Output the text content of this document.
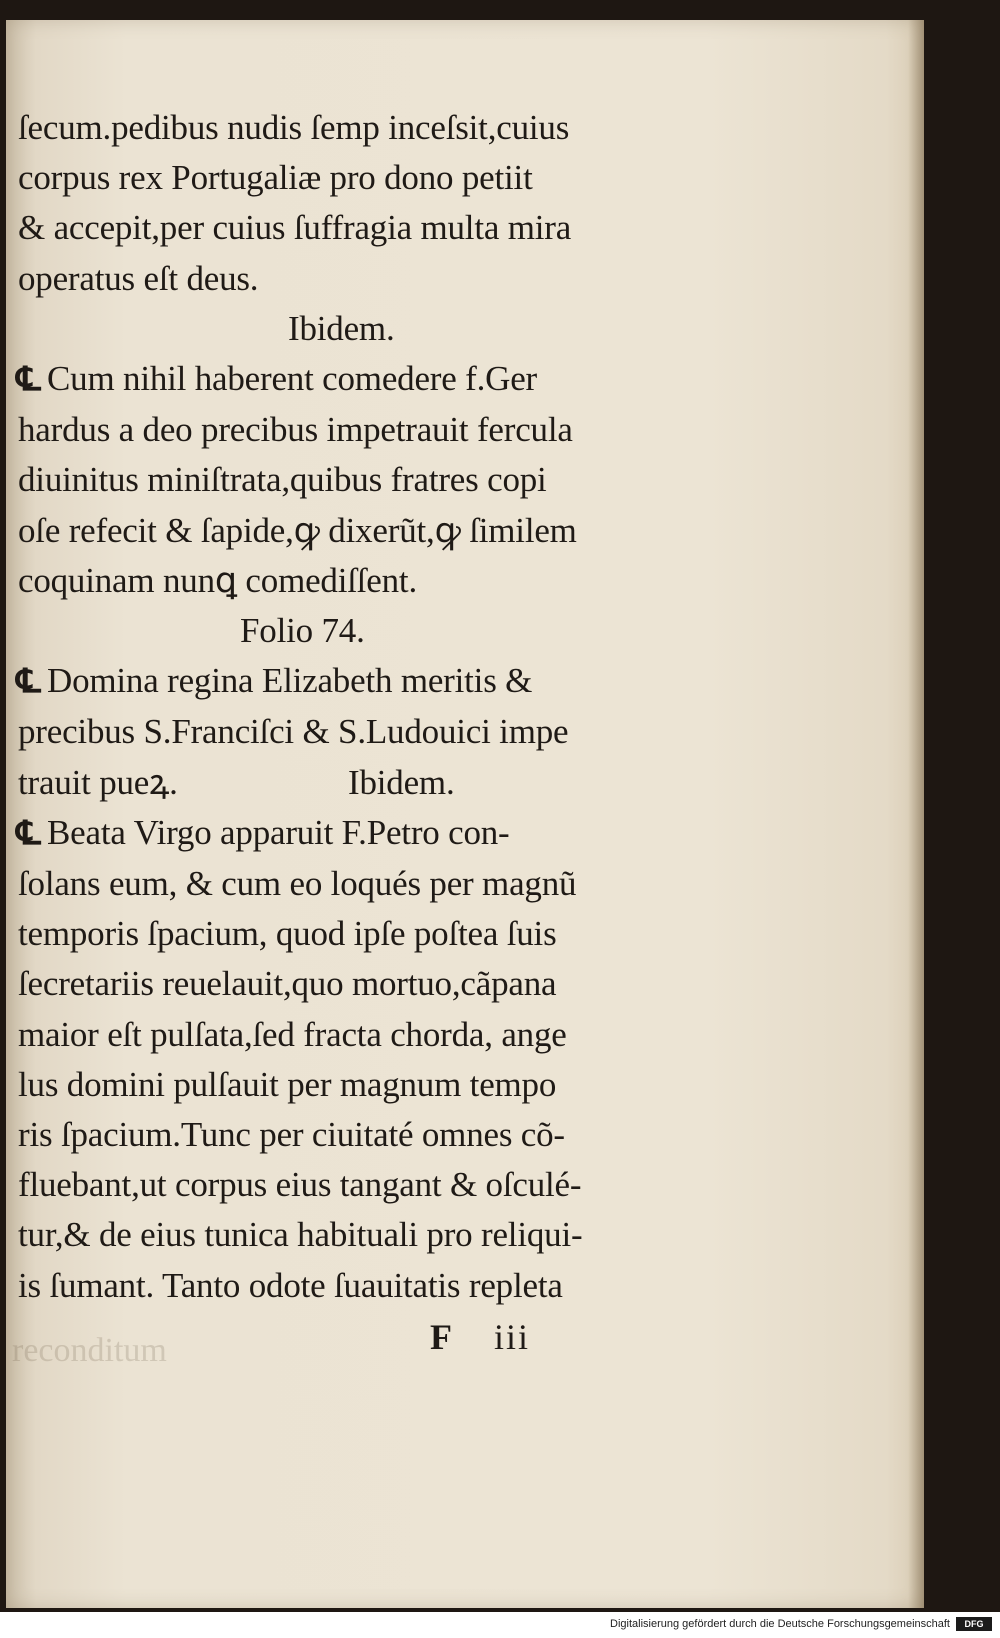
reconditum
ſecum.pedibus nudis ſemp inceſsit,cuius
corpus rex Portugaliæ pro dono petiit
& accepit,per cuius ſuffragia multa mira
operatus eſt deus.
Ibidem.
℄ Cum nihil haberent comedere f.Ger
hardus a deo precibus impetrauit fercula
diuinitus miniſtrata,quibus fratres copi
oſe refecit & ſapide,ꝙ dixerũt,ꝙ ſimilem
coquinam nunꝗ comediſſent.
Folio 74.
℄ Domina regina Elizabeth meritis &
precibus S.Franciſci & S.Ludouici impe
trauit pueꝝ.	Ibidem.
℄ Beata Virgo apparuit F.Petro con-
ſolans eum, & cum eo loqués per magnũ
temporis ſpacium, quod ipſe poſtea ſuis
ſecretariis reuelauit,quo mortuo,cãpana
maior eſt pulſata,ſed fracta chorda, ange
lus domini pulſauit per magnum tempo
ris ſpacium.Tunc per ciuitaté omnes cõ-
fluebant,ut corpus eius tangant & oſculé-
tur,& de eius tunica habituali pro reliqui-
is ſumant. Tanto odote ſuauitatis repleta
F iii
Digitalisierung gefördert durch die Deutsche Forschungsgemeinschaft	DFG
